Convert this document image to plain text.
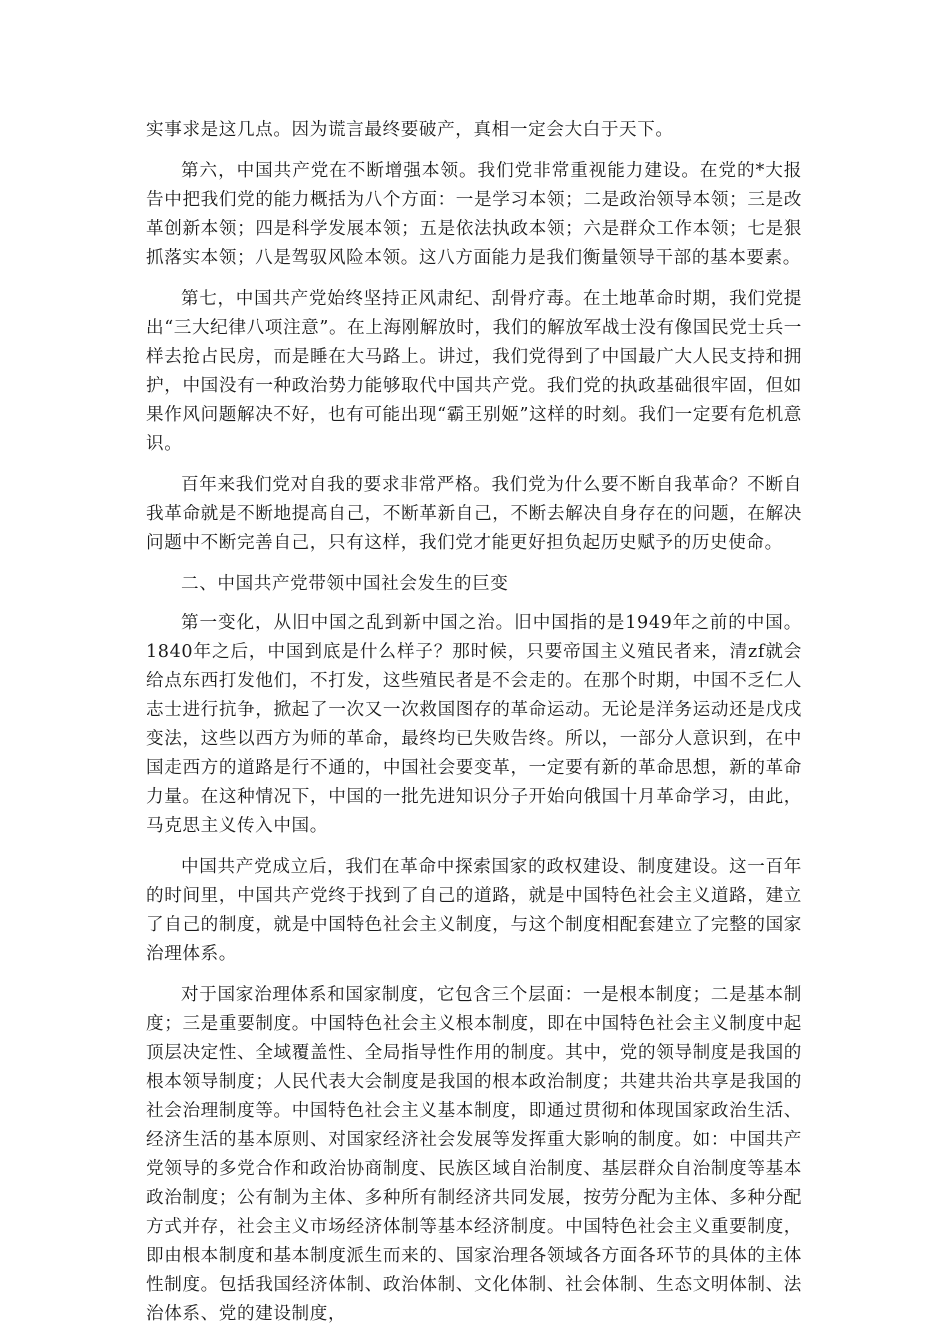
实事求是这几点。因为谎言最终要破产，真相一定会大白于天下。

第六，中国共产党在不断增强本领。我们党非常重视能力建设。在党的*大报告中把我们党的能力概括为八个方面：一是学习本领；二是政治领导本领；三是改革创新本领；四是科学发展本领；五是依法执政本领；六是群众工作本领；七是狠抓落实本领；八是驾驭风险本领。这八方面能力是我们衡量领导干部的基本要素。

第七，中国共产党始终坚持正风肃纪、刮骨疗毒。在土地革命时期，我们党提出“三大纪律八项注意”。在上海刚解放时，我们的解放军战士没有像国民党士兵一样去抢占民房，而是睡在大马路上。讲过，我们党得到了中国最广大人民支持和拥护，中国没有一种政治势力能够取代中国共产党。我们党的执政基础很牢固，但如果作风问题解决不好，也有可能出现“霸王别姬”这样的时刻。我们一定要有危机意识。

百年来我们党对自我的要求非常严格。我们党为什么要不断自我革命？不断自我革命就是不断地提高自己，不断革新自己，不断去解决自身存在的问题，在解决问题中不断完善自己，只有这样，我们党才能更好担负起历史赋予的历史使命。

二、中国共产党带领中国社会发生的巨变

第一变化，从旧中国之乱到新中国之治。旧中国指的是1949年之前的中国。1840年之后，中国到底是什么样子？那时候，只要帝国主义殖民者来，清zf就会给点东西打发他们，不打发，这些殖民者是不会走的。在那个时期，中国不乏仁人志士进行抗争，掀起了一次又一次救国图存的革命运动。无论是洋务运动还是戊戌变法，这些以西方为师的革命，最终均已失败告终。所以，一部分人意识到，在中国走西方的道路是行不通的，中国社会要变革，一定要有新的革命思想，新的革命力量。在这种情况下，中国的一批先进知识分子开始向俄国十月革命学习，由此，马克思主义传入中国。

中国共产党成立后，我们在革命中探索国家的政权建设、制度建设。这一百年的时间里，中国共产党终于找到了自己的道路，就是中国特色社会主义道路，建立了自己的制度，就是中国特色社会主义制度，与这个制度相配套建立了完整的国家治理体系。

对于国家治理体系和国家制度，它包含三个层面：一是根本制度；二是基本制度；三是重要制度。中国特色社会主义根本制度，即在中国特色社会主义制度中起顶层决定性、全域覆盖性、全局指导性作用的制度。其中，党的领导制度是我国的根本领导制度；人民代表大会制度是我国的根本政治制度；共建共治共享是我国的社会治理制度等。中国特色社会主义基本制度，即通过贯彻和体现国家政治生活、经济生活的基本原则、对国家经济社会发展等发挥重大影响的制度。如：中国共产党领导的多党合作和政治协商制度、民族区域自治制度、基层群众自治制度等基本政治制度；公有制为主体、多种所有制经济共同发展，按劳分配为主体、多种分配方式并存，社会主义市场经济体制等基本经济制度。中国特色社会主义重要制度，即由根本制度和基本制度派生而来的、国家治理各领域各方面各环节的具体的主体性制度。包括我国经济体制、政治体制、文化体制、社会体制、生态文明体制、法治体系、党的建设制度，
